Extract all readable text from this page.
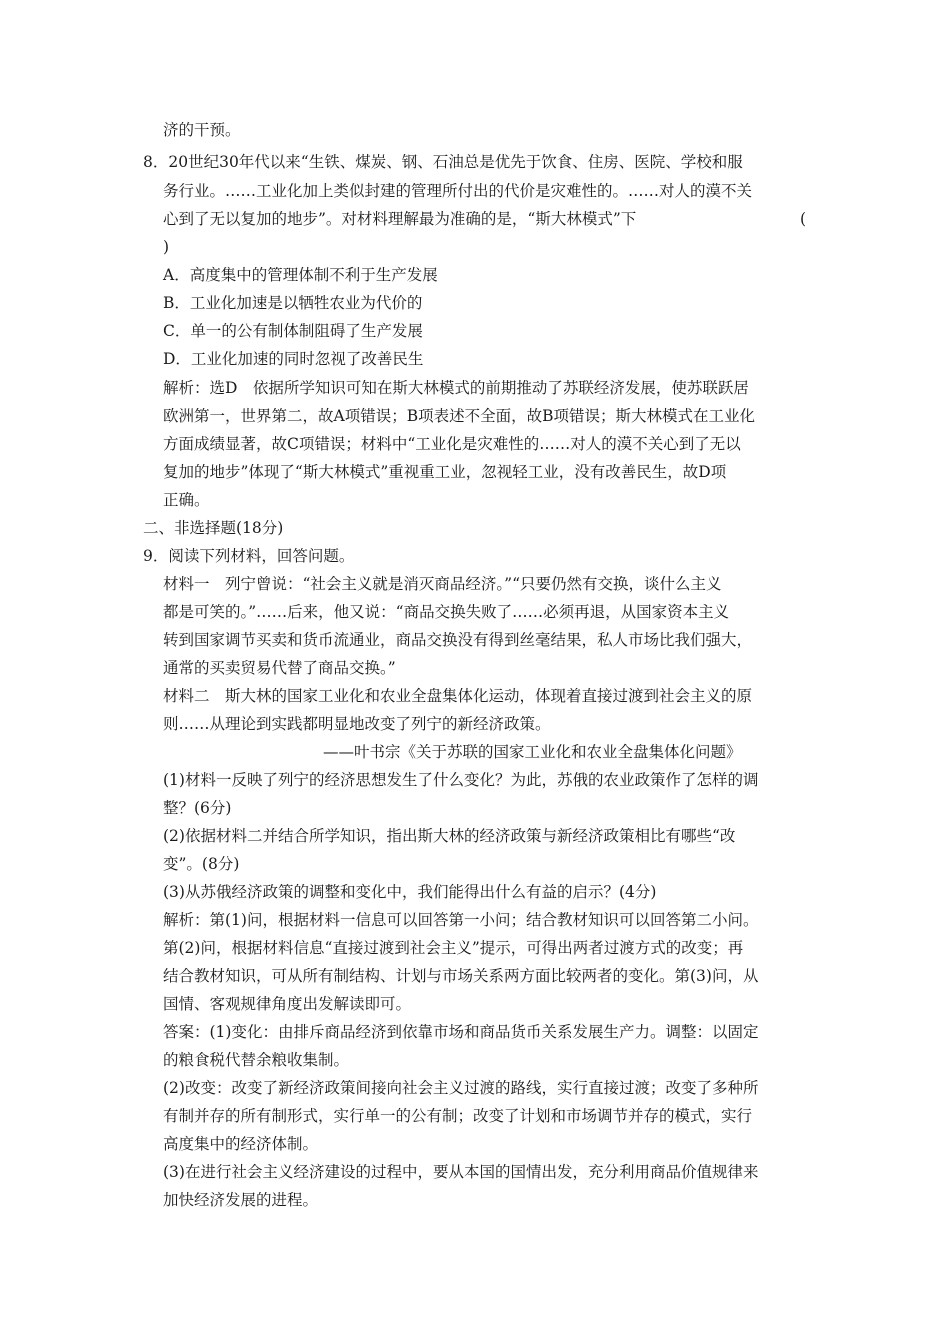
济的干预。
8．20世纪30年代以来“生铁、煤炭、钢、石油总是优先于饮食、住房、医院、学校和服
务行业。……工业化加上类似封建的管理所付出的代价是灾难性的。……对人的漠不关
心到了无以复加的地步”。对材料理解最为准确的是，“斯大林模式”下	(
)
A．高度集中的管理体制不利于生产发展
B．工业化加速是以牺牲农业为代价的
C．单一的公有制体制阻碍了生产发展
D．工业化加速的同时忽视了改善民生
解析：选D　依据所学知识可知在斯大林模式的前期推动了苏联经济发展，使苏联跃居
欧洲第一，世界第二，故A项错误；B项表述不全面，故B项错误；斯大林模式在工业化
方面成绩显著，故C项错误；材料中“工业化是灾难性的……对人的漠不关心到了无以
复加的地步”体现了“斯大林模式”重视重工业，忽视轻工业，没有改善民生，故D项
正确。
二、非选择题(18分)
9．阅读下列材料，回答问题。
材料一　列宁曾说：“社会主义就是消灭商品经济。”“只要仍然有交换，谈什么主义
都是可笑的。”……后来，他又说：“商品交换失败了……必须再退，从国家资本主义
转到国家调节买卖和货币流通业，商品交换没有得到丝毫结果，私人市场比我们强大，
通常的买卖贸易代替了商品交换。”
材料二　斯大林的国家工业化和农业全盘集体化运动，体现着直接过渡到社会主义的原
则……从理论到实践都明显地改变了列宁的新经济政策。
——叶书宗《关于苏联的国家工业化和农业全盘集体化问题》
(1)材料一反映了列宁的经济思想发生了什么变化？为此，苏俄的农业政策作了怎样的调
整？(6分)
(2)依据材料二并结合所学知识，指出斯大林的经济政策与新经济政策相比有哪些“改
变”。(8分)
(3)从苏俄经济政策的调整和变化中，我们能得出什么有益的启示？(4分)
解析：第(1)问，根据材料一信息可以回答第一小问；结合教材知识可以回答第二小问。
第(2)问，根据材料信息“直接过渡到社会主义”提示，可得出两者过渡方式的改变；再
结合教材知识，可从所有制结构、计划与市场关系两方面比较两者的变化。第(3)问，从
国情、客观规律角度出发解读即可。
答案：(1)变化：由排斥商品经济到依靠市场和商品货币关系发展生产力。调整：以固定
的粮食税代替余粮收集制。
(2)改变：改变了新经济政策间接向社会主义过渡的路线，实行直接过渡；改变了多种所
有制并存的所有制形式，实行单一的公有制；改变了计划和市场调节并存的模式，实行
高度集中的经济体制。
(3)在进行社会主义经济建设的过程中，要从本国的国情出发，充分利用商品价值规律来
加快经济发展的进程。
